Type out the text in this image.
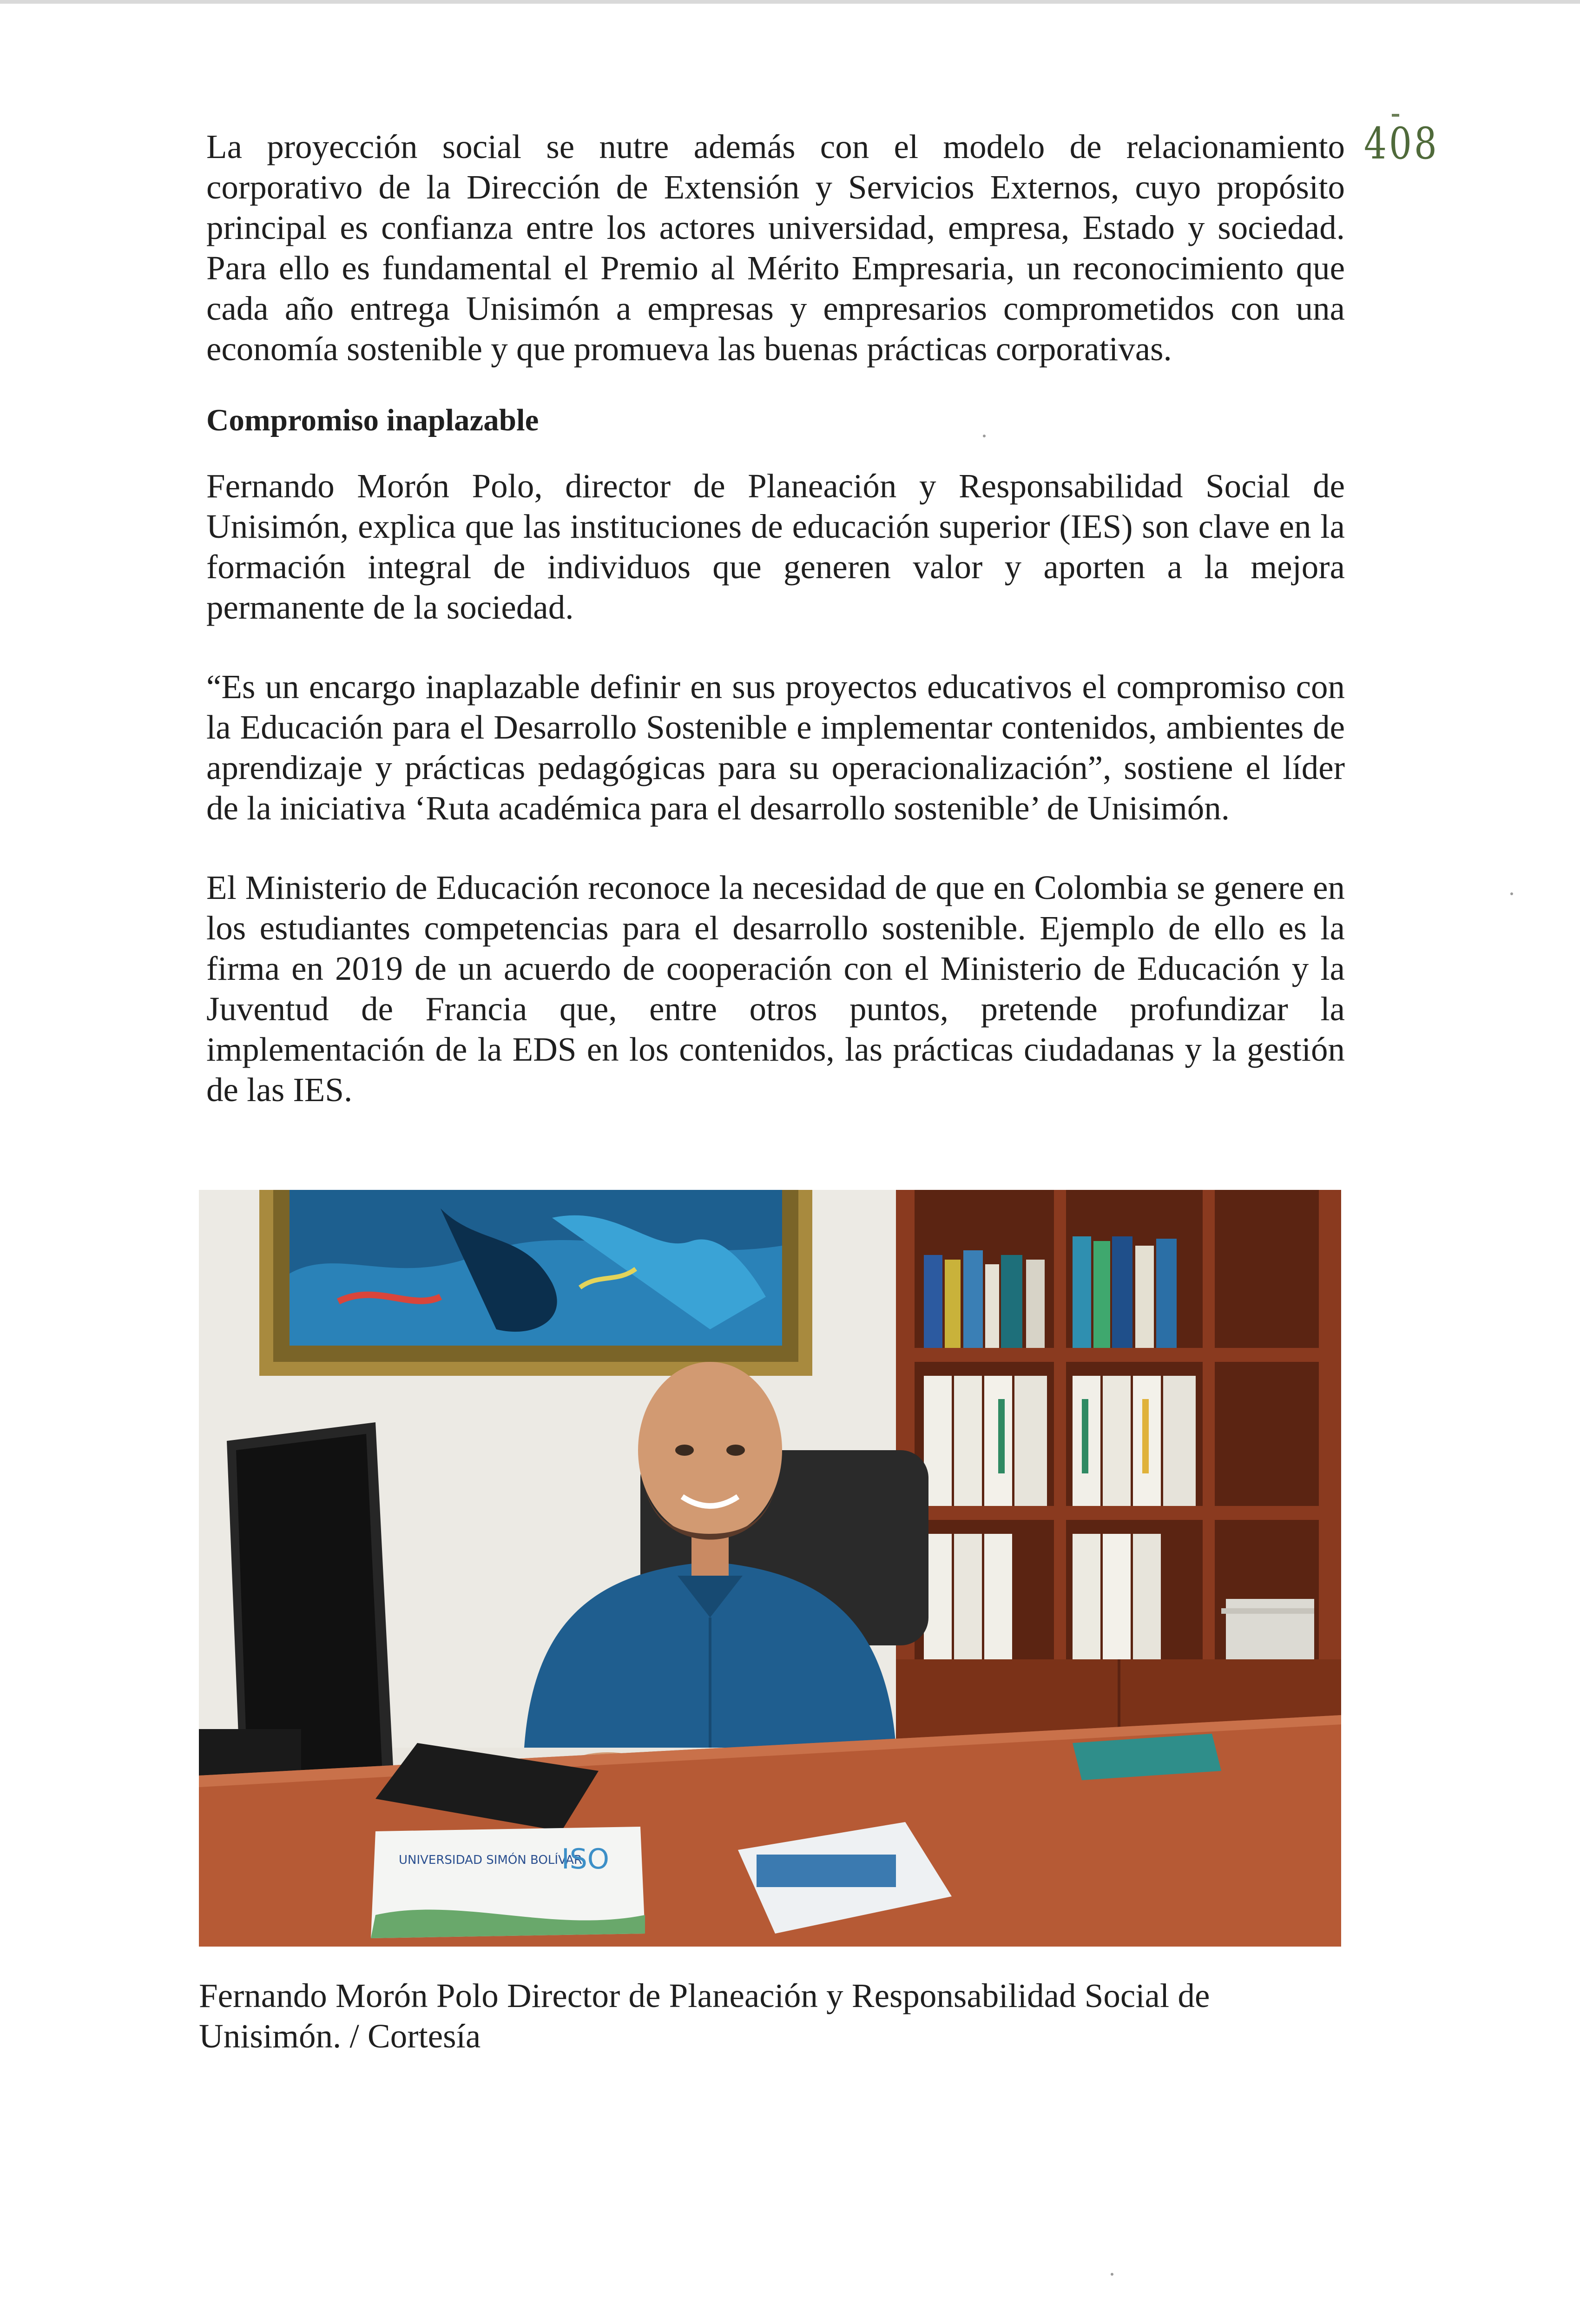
408

La proyección social se nutre además con el modelo de relacionamiento corporativo de la Dirección de Extensión y Servicios Externos, cuyo propósito principal es confianza entre los actores universidad, empresa, Estado y sociedad. Para ello es fundamental el Premio al Mérito Empresaria, un reconocimiento que cada año entrega Unisimón a empresas y empresarios comprometidos con una economía sostenible y que promueva las buenas prácticas corporativas.

Compromiso inaplazable

Fernando Morón Polo, director de Planeación y Responsabilidad Social de Unisimón, explica que las instituciones de educación superior (IES) son clave en la formación integral de individuos que generen valor y aporten a la mejora permanente de la sociedad.

“Es un encargo inaplazable definir en sus proyectos educativos el compromiso con la Educación para el Desarrollo Sostenible e implementar contenidos, ambientes de aprendizaje y prácticas pedagógicas para su operacionalización”, sostiene el líder de la iniciativa ‘Ruta académica para el desarrollo sostenible’ de Unisimón.

El Ministerio de Educación reconoce la necesidad de que en Colombia se genere en los estudiantes competencias para el desarrollo sostenible. Ejemplo de ello es la firma en 2019 de un acuerdo de cooperación con el Ministerio de Educación y la Juventud de Francia que, entre otros puntos, pretende profundizar la implementación de la EDS en los contenidos, las prácticas ciudadanas y la gestión de las IES.

UNIVERSIDAD SIMÓN BOLÍVAR
ISO
Fernando Morón Polo Director de Planeación y Responsabilidad Social de Unisimón. / Cortesía
